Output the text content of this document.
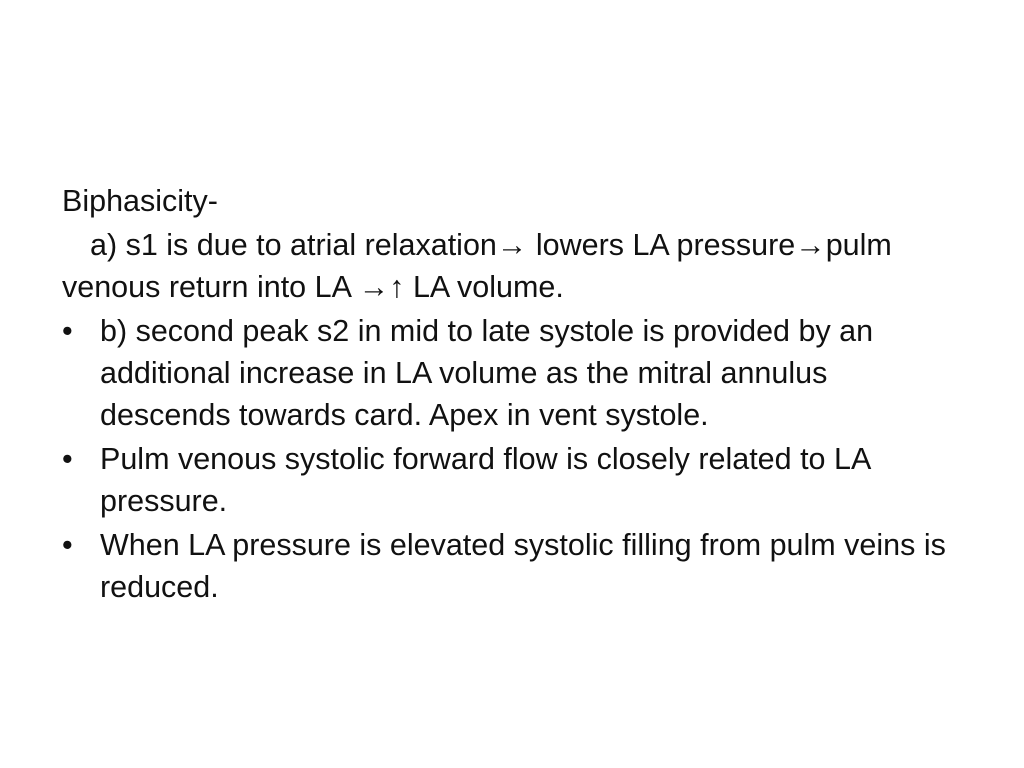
Biphasicity-

a) s1 is due to atrial relaxation→ lowers LA pressure→pulm venous return into LA →↑ LA volume.

• b) second peak s2 in mid to late systole is provided by an additional increase in LA volume as the mitral annulus descends towards card. Apex in vent systole.
• Pulm venous systolic forward flow is closely related to LA pressure.
• When LA pressure is elevated systolic filling from pulm veins is reduced.
